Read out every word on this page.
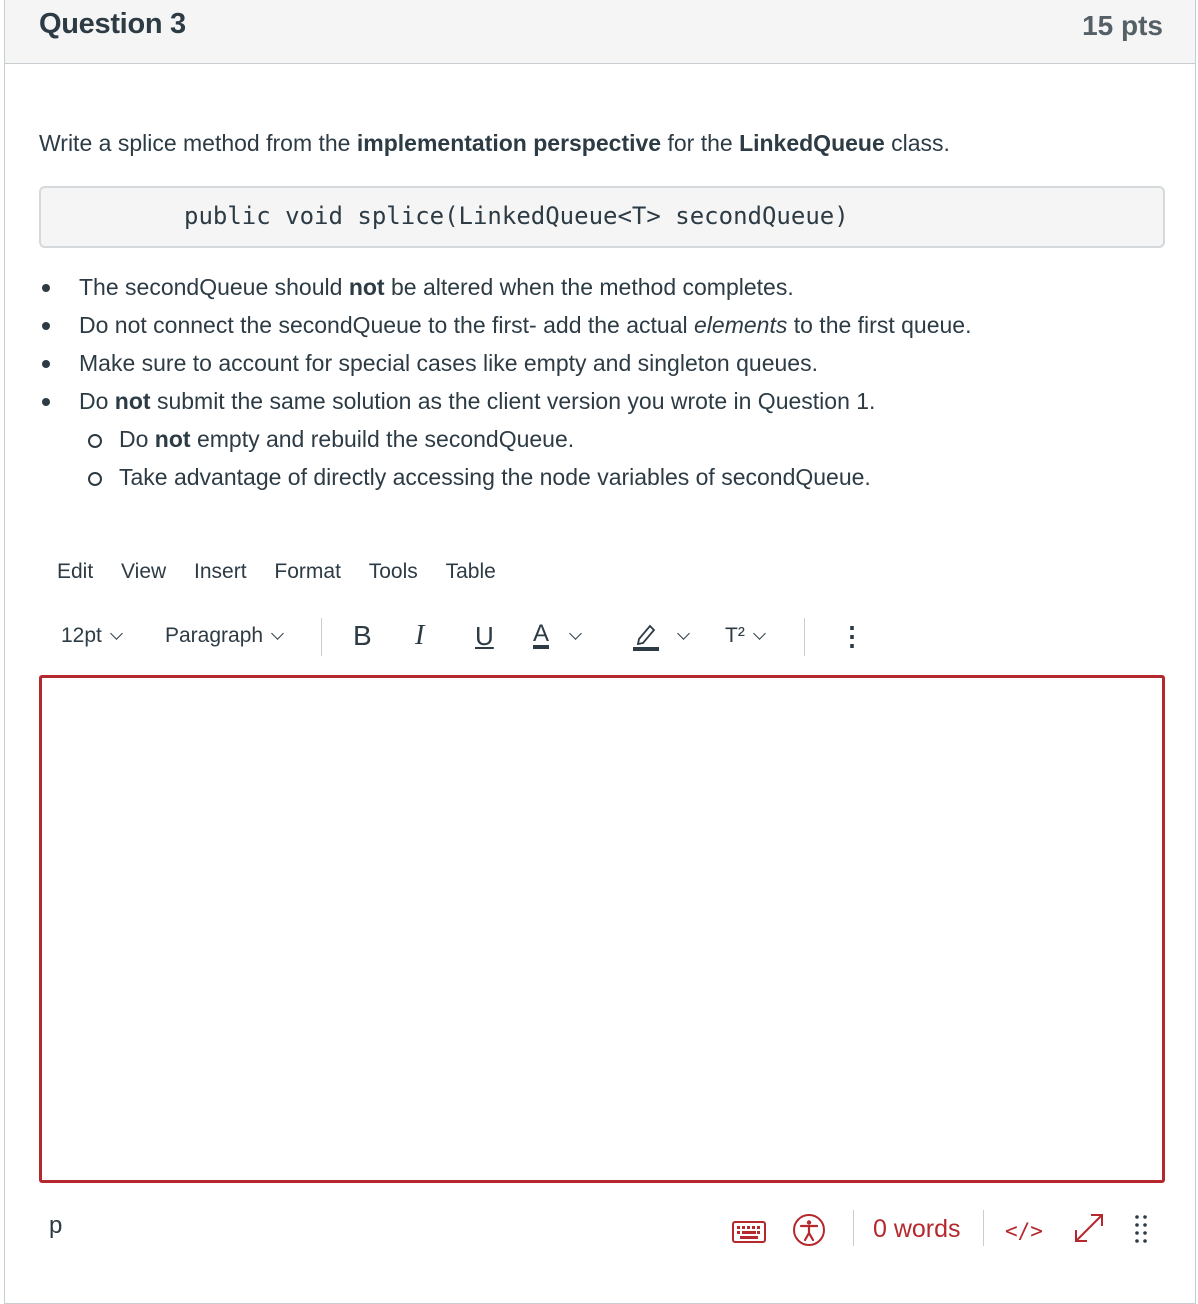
Question 3	15 pts
Write a splice method from the implementation perspective for the LinkedQueue class.
public void splice(LinkedQueue<T> secondQueue)
The secondQueue should not be altered when the method completes.
Do not connect the secondQueue to the first- add the actual elements to the first queue.
Make sure to account for special cases like empty and singleton queues.
Do not submit the same solution as the client version you wrote in Question 1.
Do not empty and rebuild the secondQueue.
Take advantage of directly accessing the node variables of secondQueue.
Edit View Insert Format Tools Table
12pt	Paragraph	B I U A	T²	⋮
p	0 words </>
